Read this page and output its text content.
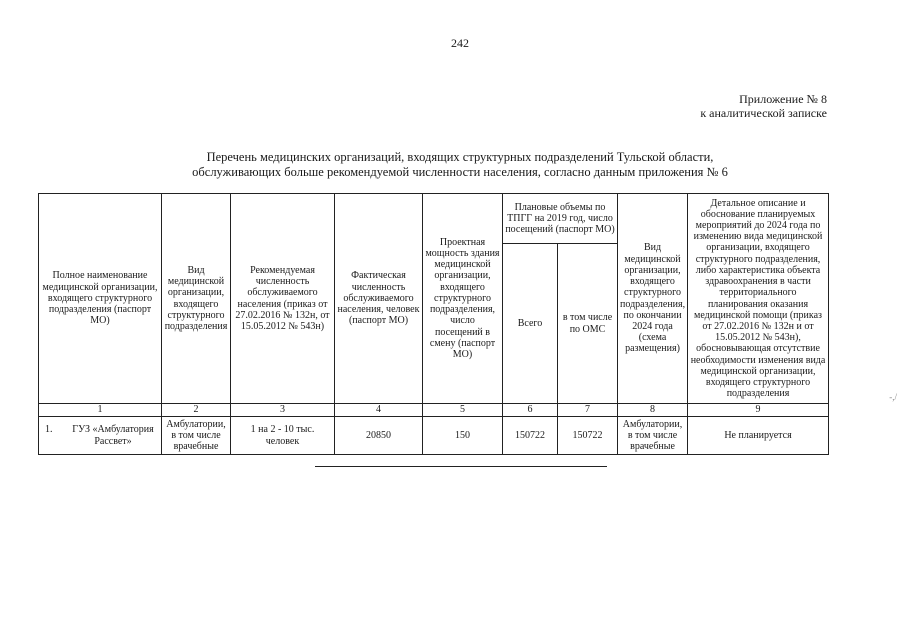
242
Приложение № 8
к аналитической записке
Перечень медицинских организаций, входящих структурных подразделений Тульской области,
обслуживающих больше рекомендуемой численности населения, согласно данным приложения № 6
Полное наименование медицинской организации, входящего структурного подразделения (паспорт МО)	Вид медицинской организации, входящего структурного подразделения	Рекомендуемая численность обслуживаемого населения (приказ от 27.02.2016 № 132н, от 15.05.2012 № 543н)	Фактическая численность обслуживаемого населения, человек (паспорт МО)	Проектная мощность здания медицинской организации, входящего структурного подразделения, число посещений в смену (паспорт МО)	Плановые объемы по ТПГГ на 2019 год, число посещений (паспорт МО)		Вид медицинской организации, входящего структурного подразделения, по окончании 2024 года (схема размещения)	Детальное описание и обоснование планируемых мероприятий до 2024 года по изменению вида медицинской организации, входящего структурного подразделения, либо характеристика объекта здравоохранения в части территориального планирования оказания медицинской помощи (приказ от 27.02.2016 № 132н и от 15.05.2012 № 543н), обосновывающая отсутствие необходимости изменения вида медицинской организации, входящего структурного подразделения
					Всего	в том числе по ОМС		
1	2	3	4	5	6	7	8	9

1. ГУЗ «Амбулатория Рассвет»	Амбулатории, в том числе врачебные	1 на 2 - 10 тыс. человек	20850	150	150722	150722	Амбулатории, в том числе врачебные	Не планируется
-,/
